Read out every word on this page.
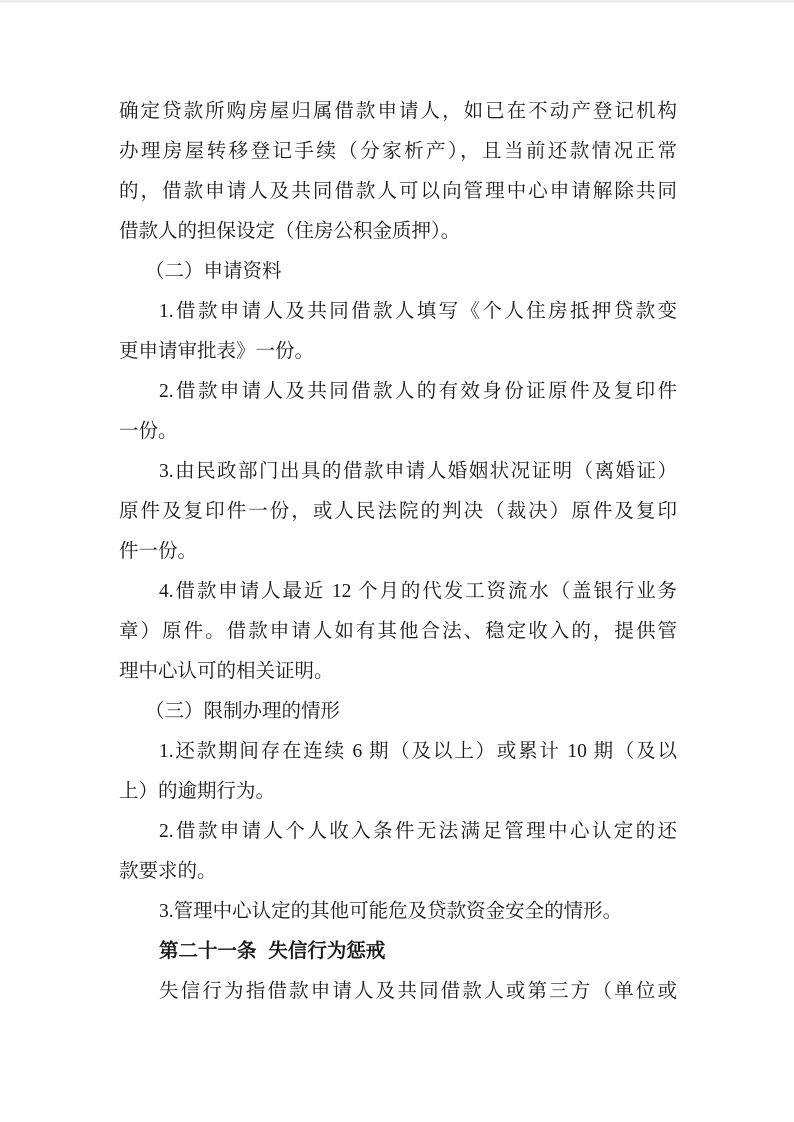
确定贷款所购房屋归属借款申请人，如已在不动产登记机构
办理房屋转移登记手续（分家析产），且当前还款情况正常
的，借款申请人及共同借款人可以向管理中心申请解除共同
借款人的担保设定（住房公积金质押）。
（二）申请资料
1.借款申请人及共同借款人填写《个人住房抵押贷款变
更申请审批表》一份。
2.借款申请人及共同借款人的有效身份证原件及复印件
一份。
3.由民政部门出具的借款申请人婚姻状况证明（离婚证）
原件及复印件一份，或人民法院的判决（裁决）原件及复印
件一份。
4.借款申请人最近 12 个月的代发工资流水（盖银行业务
章）原件。借款申请人如有其他合法、稳定收入的，提供管
理中心认可的相关证明。
（三）限制办理的情形
1.还款期间存在连续 6 期（及以上）或累计 10 期（及以
上）的逾期行为。
2.借款申请人个人收入条件无法满足管理中心认定的还
款要求的。
3.管理中心认定的其他可能危及贷款资金安全的情形。
第二十一条 失信行为惩戒
失信行为指借款申请人及共同借款人或第三方（单位或
